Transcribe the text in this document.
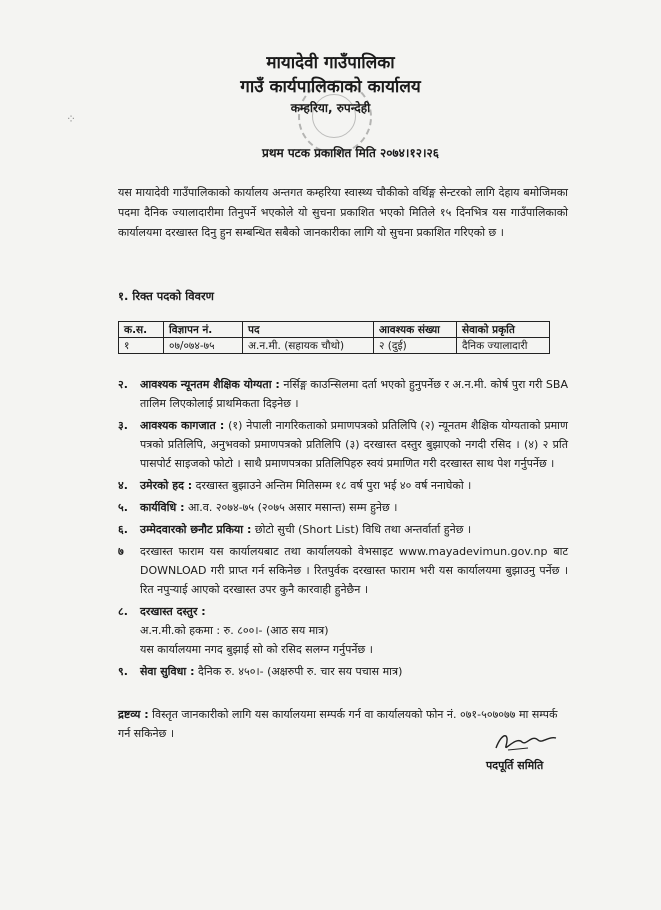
⁘
मायादेवी गाउँपालिका
गाउँ कार्यपालिकाको कार्यालय
कम्हरिया, रुपन्देही
प्रथम पटक प्रकाशित मिति २०७४।१२।२६
यस मायादेवी गाउँपालिकाको कार्यालय अन्तगत कम्हरिया स्वास्थ्य चौकीको वर्थिङ्ग सेन्टरको लागि देहाय बमोजिमका पदमा दैनिक ज्यालादारीमा तिनुपर्ने भएकोले यो सुचना प्रकाशित भएको मितिले १५ दिनभित्र यस गाउँपालिकाको कार्यालयमा दरखास्त दिनु हुन सम्बन्धित सबैको जानकारीका लागि यो सुचना प्रकाशित गरिएको छ ।
१. रिक्त पदको विवरण
क.स.	विज्ञापन नं.	पद	आवश्यक संख्या	सेवाको प्रकृति
१	०७/०७४-७५	अ.न.मी. (सहायक चौथो)	२ (दुई)	दैनिक ज्यालादारी
२. आवश्यक न्यूनतम शैक्षिक योग्यता : नर्सिङ्ग काउन्सिलमा दर्ता भएको हुनुपर्नेछ र अ.न.मी. कोर्ष पुरा गरी SBA तालिम लिएकोलाई प्राथमिकता दिइनेछ ।
३. आवश्यक कागजात : (१) नेपाली नागरिकताको प्रमाणपत्रको प्रतिलिपि (२) न्यूनतम शैक्षिक योग्यताको प्रमाण पत्रको प्रतिलिपि, अनुभवको प्रमाणपत्रको प्रतिलिपि (३) दरखास्त दस्तुर बुझाएको नगदी रसिद । (४) २ प्रति पासपोर्ट साइजको फोटो । साथै प्रमाणपत्रका प्रतिलिपिहरु स्वयं प्रमाणित गरी दरखास्त साथ पेश गर्नुपर्नेछ ।
४. उमेरको हद : दरखास्त बुझाउने अन्तिम मितिसम्म १८ वर्ष पुरा भई ४० वर्ष ननाघेको ।
५. कार्यविधि : आ.व. २०७४-७५ (२०७५ असार मसान्त) सम्म हुनेछ ।
६. उम्मेदवारको छनौट प्रकिया : छोटो सुची (Short List) विधि तथा अन्तर्वार्ता हुनेछ ।
७ दरखास्त फाराम यस कार्यालयबाट तथा कार्यालयको वेभसाइट www.mayadevimun.gov.np बाट DOWNLOAD गरी प्राप्त गर्न सकिनेछ । रितपुर्वक दरखास्त फाराम भरी यस कार्यालयमा बुझाउनु पर्नेछ । रित नपुऱ्याई आएको दरखास्त उपर कुनै कारवाही हुनेछैन ।
८. दरखास्त दस्तुर :
अ.न.मी.को हकमा : रु. ८००।- (आठ सय मात्र)
यस कार्यालयमा नगद बुझाई सो को रसिद सलग्न गर्नुपर्नेछ ।
९. सेवा सुविधा : दैनिक रु. ४५०।- (अक्षरुपी रु. चार सय पचास मात्र)
द्रष्टव्य : विस्तृत जानकारीको लागि यस कार्यालयमा सम्पर्क गर्न वा कार्यालयको फोन नं. ०७१-५०७०७७ मा सम्पर्क गर्न सकिनेछ ।
पदपूर्ति समिति
